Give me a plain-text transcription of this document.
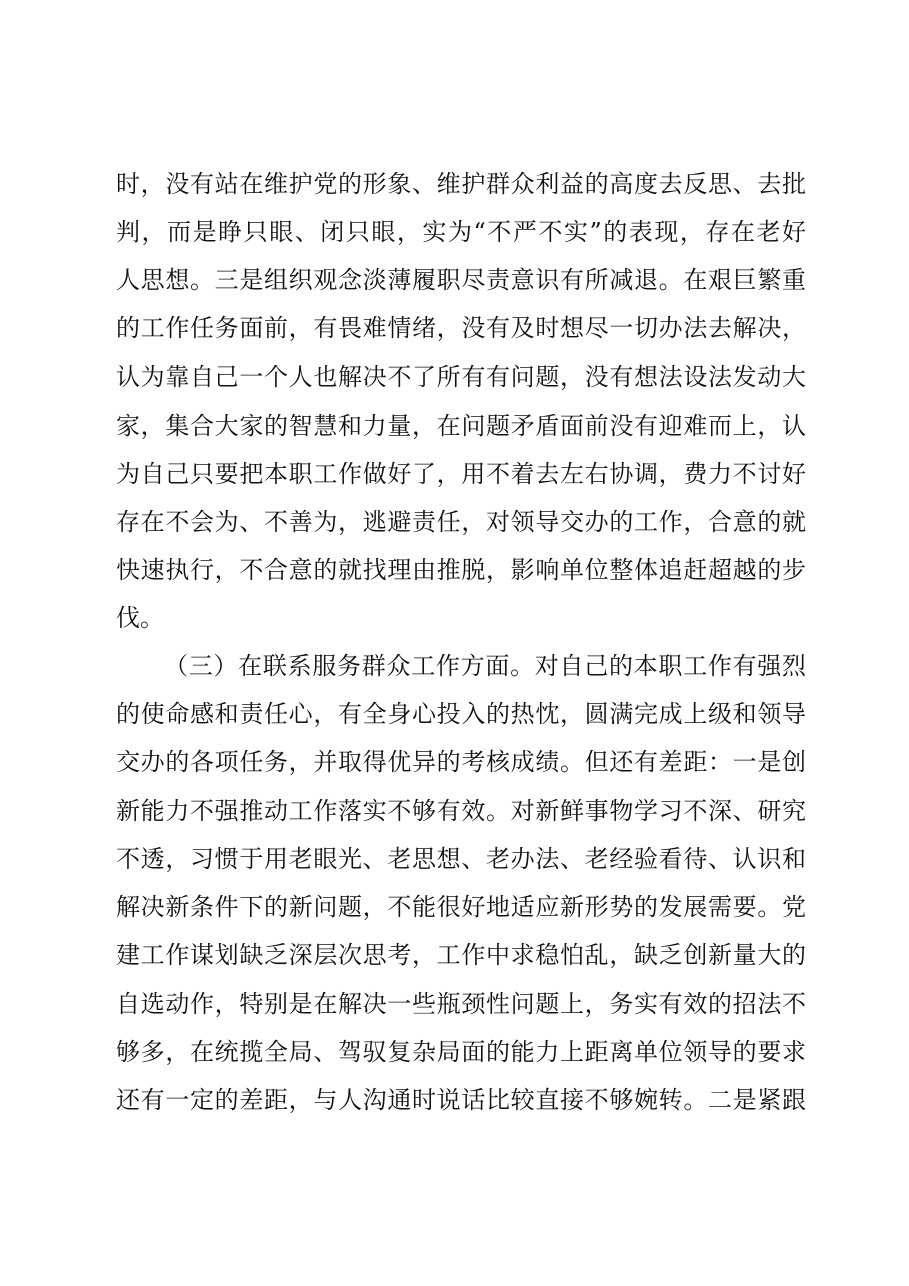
时，没有站在维护党的形象、维护群众利益的高度去反思、去批

判，而是睁只眼、闭只眼，实为“不严不实”的表现，存在老好

人思想。三是组织观念淡薄履职尽责意识有所减退。在艰巨繁重

的工作任务面前，有畏难情绪，没有及时想尽一切办法去解决，

认为靠自己一个人也解决不了所有有问题，没有想法设法发动大

家，集合大家的智慧和力量，在问题矛盾面前没有迎难而上，认

为自己只要把本职工作做好了，用不着去左右协调，费力不讨好

存在不会为、不善为，逃避责任，对领导交办的工作，合意的就

快速执行，不合意的就找理由推脱，影响单位整体追赶超越的步

伐。

（三）在联系服务群众工作方面。对自己的本职工作有强烈

的使命感和责任心，有全身心投入的热忱，圆满完成上级和领导

交办的各项任务，并取得优异的考核成绩。但还有差距：一是创

新能力不强推动工作落实不够有效。对新鲜事物学习不深、研究

不透，习惯于用老眼光、老思想、老办法、老经验看待、认识和

解决新条件下的新问题，不能很好地适应新形势的发展需要。党

建工作谋划缺乏深层次思考，工作中求稳怕乱，缺乏创新量大的

自选动作，特别是在解决一些瓶颈性问题上，务实有效的招法不

够多，在统揽全局、驾驭复杂局面的能力上距离单位领导的要求

还有一定的差距，与人沟通时说话比较直接不够婉转。二是紧跟
